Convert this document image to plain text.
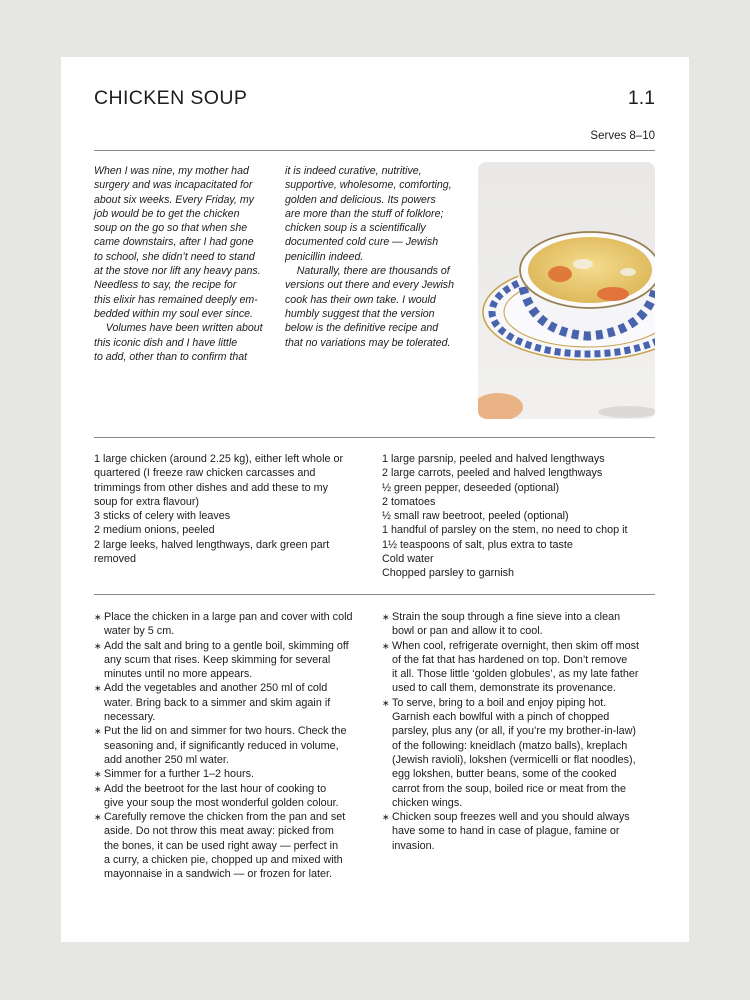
CHICKEN SOUP	1.1
Serves 8–10
When I was nine, my mother had
surgery and was incapacitated for
about six weeks. Every Friday, my
job would be to get the chicken
soup on the go so that when she
came downstairs, after I had gone
to school, she didn’t need to stand
at the stove nor lift any heavy pans.
Needless to say, the recipe for
this elixir has remained deeply em-
bedded within my soul ever since.
Volumes have been written about
this iconic dish and I have little
to add, other than to confirm that
it is indeed curative, nutritive,
supportive, wholesome, comforting,
golden and delicious. Its powers
are more than the stuff of folklore;
chicken soup is a scientifically
documented cold cure — Jewish
penicillin indeed.
Naturally, there are thousands of
versions out there and every Jewish
cook has their own take. I would
humbly suggest that the version
below is the definitive recipe and
that no variations may be tolerated.
1 large chicken (around 2.25 kg), either left whole or
quartered (I freeze raw chicken carcasses and
trimmings from other dishes and add these to my
soup for extra flavour)
3 sticks of celery with leaves
2 medium onions, peeled
2 large leeks, halved lengthways, dark green part
removed
1 large parsnip, peeled and halved lengthways
2 large carrots, peeled and halved lengthways
½ green pepper, deseeded (optional)
2 tomatoes
½ small raw beetroot, peeled (optional)
1 handful of parsley on the stem, no need to chop it
1½ teaspoons of salt, plus extra to taste
Cold water
Chopped parsley to garnish
∗ Place the chicken in a large pan and cover with cold
water by 5 cm.
∗ Add the salt and bring to a gentle boil, skimming off
any scum that rises. Keep skimming for several
minutes until no more appears.
∗ Add the vegetables and another 250 ml of cold
water. Bring back to a simmer and skim again if
necessary.
∗ Put the lid on and simmer for two hours. Check the
seasoning and, if significantly reduced in volume,
add another 250 ml water.
∗ Simmer for a further 1–2 hours.
∗ Add the beetroot for the last hour of cooking to
give your soup the most wonderful golden colour.
∗ Carefully remove the chicken from the pan and set
aside. Do not throw this meat away: picked from
the bones, it can be used right away — perfect in
a curry, a chicken pie, chopped up and mixed with
mayonnaise in a sandwich — or frozen for later.
∗ Strain the soup through a fine sieve into a clean
bowl or pan and allow it to cool.
∗ When cool, refrigerate overnight, then skim off most
of the fat that has hardened on top. Don’t remove
it all. Those little ‘golden globules’, as my late father
used to call them, demonstrate its provenance.
∗ To serve, bring to a boil and enjoy piping hot.
Garnish each bowlful with a pinch of chopped
parsley, plus any (or all, if you’re my brother-in-law)
of the following: kneidlach (matzo balls), kreplach
(Jewish ravioli), lokshen (vermicelli or flat noodles),
egg lokshen, butter beans, some of the cooked
carrot from the soup, boiled rice or meat from the
chicken wings.
∗ Chicken soup freezes well and you should always
have some to hand in case of plague, famine or
invasion.
